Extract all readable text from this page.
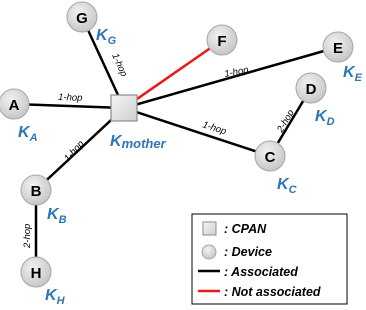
1-hop	1-hop
1-hop
1-hop
1-hop
2-hop
2-hop
Kmother
G
$K_G$	F	E
$K_E$
D
$K_D$
A
$K_A$
C
$K_C$
B
$K_B$
H
$K_H$
: CPAN
: Device
: Associated
: Not associated
